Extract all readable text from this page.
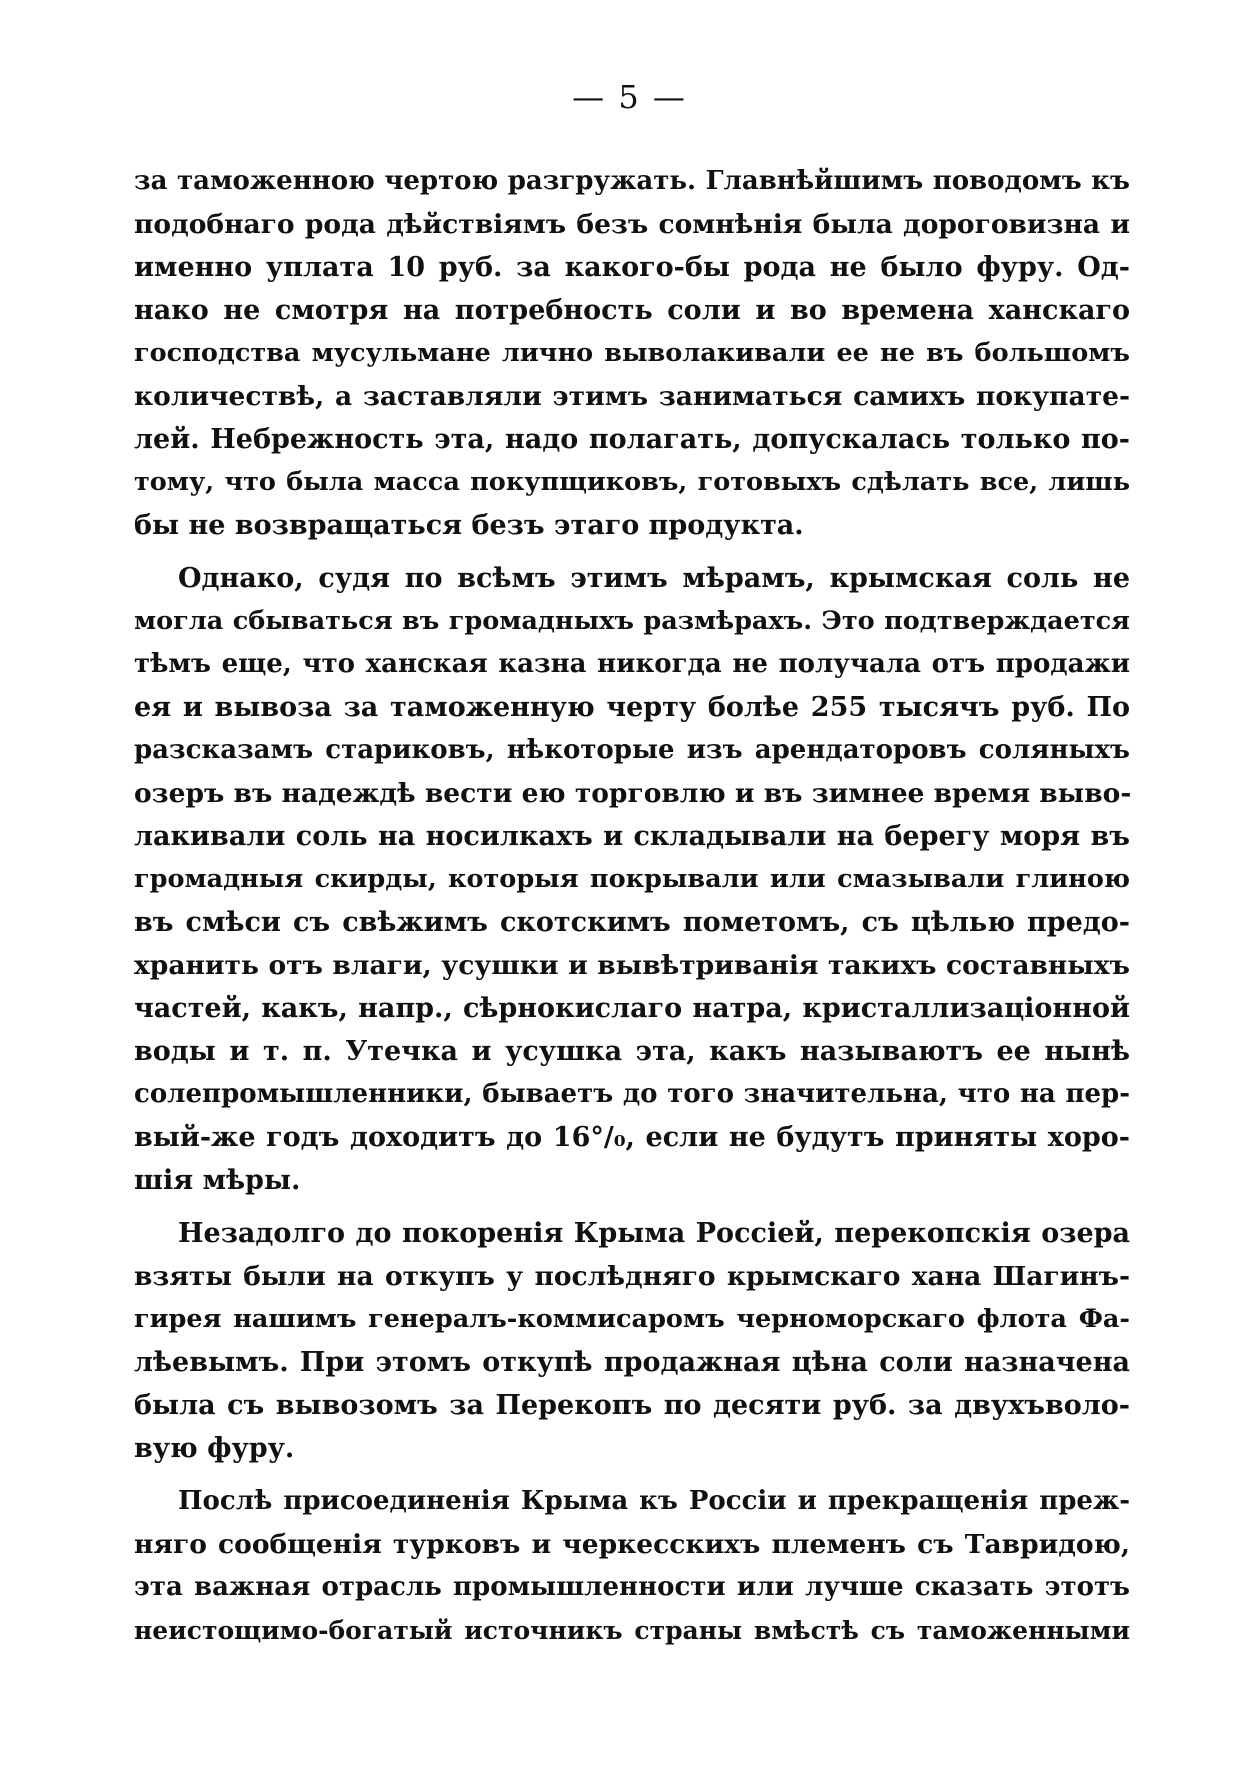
— 5 —
за таможенною чертою разгружать. Главнѣйшимъ поводомъ къ
подобнаго рода дѣйствіямъ безъ сомнѣнія была дороговизна и
именно уплата 10 руб. за какого-бы рода не было фуру. Од-
нако не смотря на потребность соли и во времена ханскаго
господства мусульмане лично выволакивали ее не въ большомъ
количествѣ, а заставляли этимъ заниматься самихъ покупате-
лей. Небрежность эта, надо полагать, допускалась только по-
тому, что была масса покупщиковъ, готовыхъ сдѣлать все, лишь
бы не возвращаться безъ этаго продукта.
Однако, судя по всѣмъ этимъ мѣрамъ, крымская соль не
могла сбываться въ громадныхъ размѣрахъ. Это подтверждается
тѣмъ еще, что ханская казна никогда не получала отъ продажи
ея и вывоза за таможенную черту болѣе 255 тысячъ руб. По
разсказамъ стариковъ, нѣкоторые изъ арендаторовъ соляныхъ
озеръ въ надеждѣ вести ею торговлю и въ зимнее время выво-
лакивали соль на носилкахъ и складывали на берегу моря въ
громадныя скирды, которыя покрывали или смазывали глиною
въ смѣси съ свѣжимъ скотскимъ пометомъ, съ цѣлью предо-
хранить отъ влаги, усушки и вывѣтриванія такихъ составныхъ
частей, какъ, напр., сѣрнокислаго натра, кристаллизаціонной
воды и т. п. Утечка и усушка эта, какъ называютъ ее нынѣ
солепромышленники, бываетъ до того значительна, что на пер-
вый-же годъ доходитъ до 16°/₀, если не будутъ приняты хоро-
шія мѣры.
Незадолго до покоренія Крыма Россіей, перекопскія озера
взяты были на откупъ у послѣдняго крымскаго хана Шагинъ-
гирея нашимъ генералъ-коммисаромъ черноморскаго флота Фа-
лѣевымъ. При этомъ откупѣ продажная цѣна соли назначена
была съ вывозомъ за Перекопъ по десяти руб. за двухъволо-
вую фуру.
Послѣ присоединенія Крыма къ Россіи и прекращенія преж-
няго сообщенія турковъ и черкесскихъ племенъ съ Тавридою,
эта важная отрасль промышленности или лучше сказать этотъ
неистощимо-богатый источникъ страны вмѣстѣ съ таможенными
